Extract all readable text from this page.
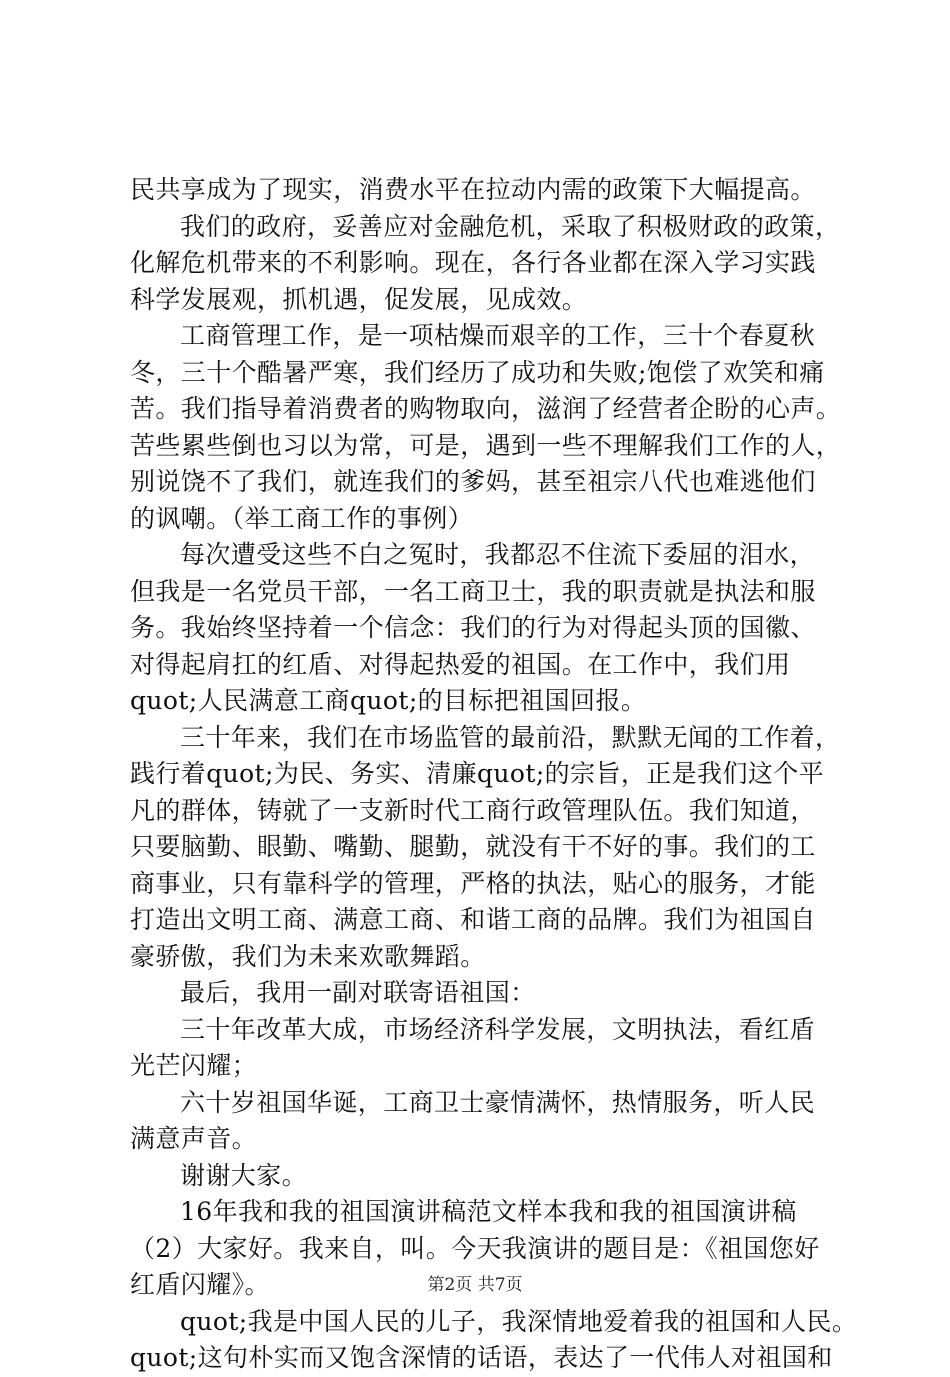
民共享成为了现实，消费水平在拉动内需的政策下大幅提高。
我们的政府，妥善应对金融危机，采取了积极财政的政策，
化解危机带来的不利影响。现在，各行各业都在深入学习实践
科学发展观，抓机遇，促发展，见成效。
工商管理工作，是一项枯燥而艰辛的工作，三十个春夏秋
冬，三十个酷暑严寒，我们经历了成功和失败;饱偿了欢笑和痛
苦。我们指导着消费者的购物取向，滋润了经营者企盼的心声。
苦些累些倒也习以为常，可是，遇到一些不理解我们工作的人，
别说饶不了我们，就连我们的爹妈，甚至祖宗八代也难逃他们
的讽嘲。（举工商工作的事例）
每次遭受这些不白之冤时，我都忍不住流下委屈的泪水，
但我是一名党员干部，一名工商卫士，我的职责就是执法和服
务。我始终坚持着一个信念：我们的行为对得起头顶的国徽、
对得起肩扛的红盾、对得起热爱的祖国。在工作中，我们用
quot;人民满意工商quot;的目标把祖国回报。
三十年来，我们在市场监管的最前沿，默默无闻的工作着，
践行着quot;为民、务实、清廉quot;的宗旨，正是我们这个平
凡的群体，铸就了一支新时代工商行政管理队伍。我们知道，
只要脑勤、眼勤、嘴勤、腿勤，就没有干不好的事。我们的工
商事业，只有靠科学的管理，严格的执法，贴心的服务，才能
打造出文明工商、满意工商、和谐工商的品牌。我们为祖国自
豪骄傲，我们为未来欢歌舞蹈。
最后，我用一副对联寄语祖国：
三十年改革大成，市场经济科学发展，文明执法，看红盾
光芒闪耀；
六十岁祖国华诞，工商卫士豪情满怀，热情服务，听人民
满意声音。
谢谢大家。
16年我和我的祖国演讲稿范文样本我和我的祖国演讲稿
（2）大家好。我来自，叫。今天我演讲的题目是：《祖国您好
红盾闪耀》。
quot;我是中国人民的儿子，我深情地爱着我的祖国和人民。
quot;这句朴实而又饱含深情的话语，表达了一代伟人对祖国和
第2页 共7页
